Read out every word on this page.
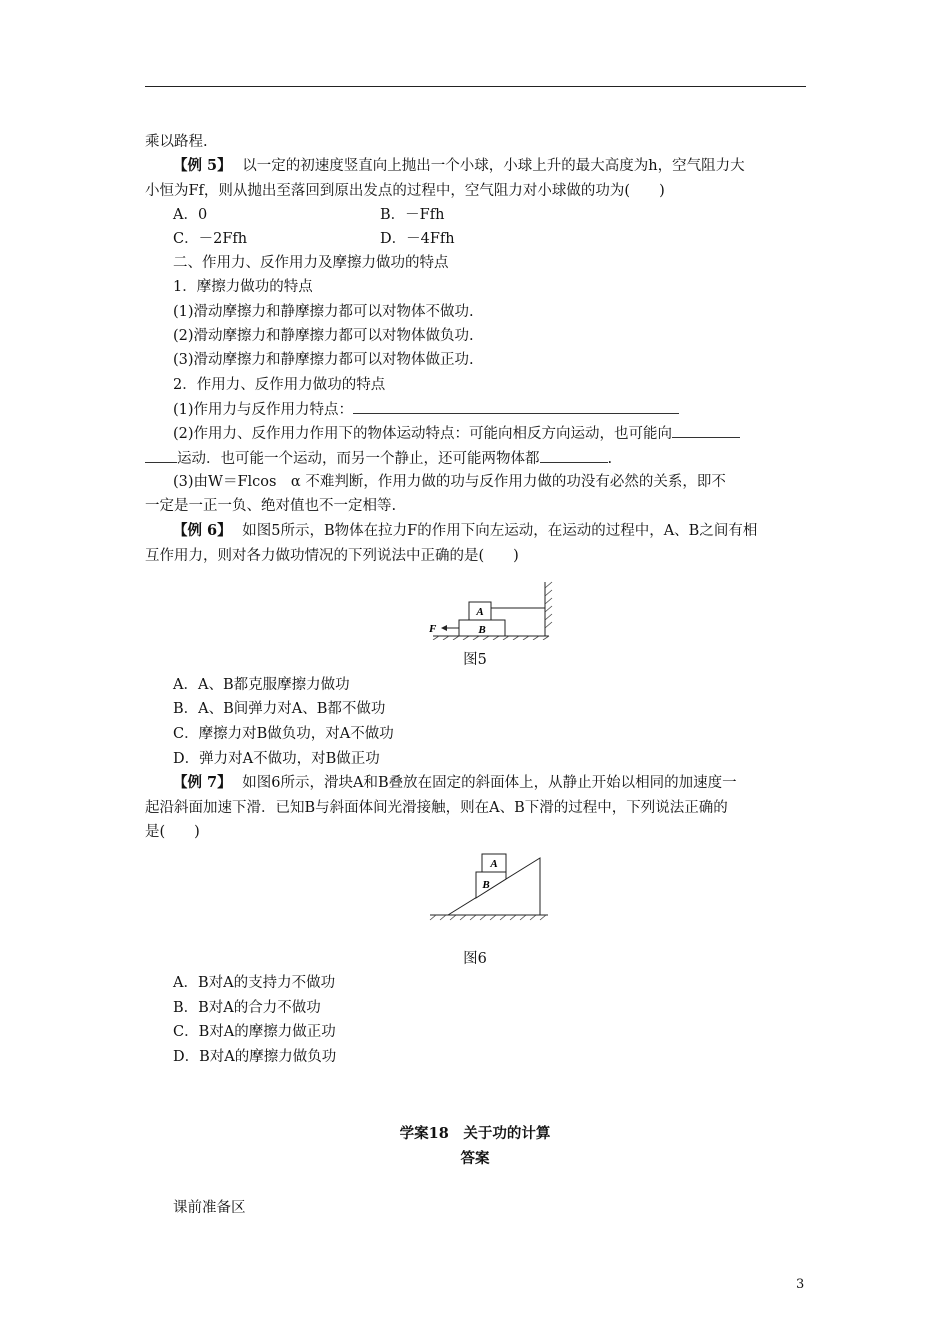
乘以路程.
【例 5】 以一定的初速度竖直向上抛出一个小球，小球上升的最大高度为h，空气阻力大
小恒为Ff，则从抛出至落回到原出发点的过程中，空气阻力对小球做的功为(　　)
A．0	B．－Ffh
C．－2Ffh	D．－4Ffh
二、作用力、反作用力及摩擦力做功的特点
1．摩擦力做功的特点
(1)滑动摩擦力和静摩擦力都可以对物体不做功.
(2)滑动摩擦力和静摩擦力都可以对物体做负功.
(3)滑动摩擦力和静摩擦力都可以对物体做正功.
2．作用力、反作用力做功的特点
(1)作用力与反作用力特点：
(2)作用力、反作用力作用下的物体运动特点：可能向相反方向运动，也可能向
运动．也可能一个运动，而另一个静止，还可能两物体都	.
(3)由W＝Flcos　α 不难判断，作用力做的功与反作用力做的功没有必然的关系，即不
一定是一正一负、绝对值也不一定相等.
【例 6】 如图5所示，B物体在拉力F的作用下向左运动，在运动的过程中，A、B之间有相
互作用力，则对各力做功情况的下列说法中正确的是(　　)
A
B
F
图5
A．A、B都克服摩擦力做功
B．A、B间弹力对A、B都不做功
C．摩擦力对B做负功，对A不做功
D．弹力对A不做功，对B做正功
【例 7】 如图6所示，滑块A和B叠放在固定的斜面体上，从静止开始以相同的加速度一
起沿斜面加速下滑．已知B与斜面体间光滑接触，则在A、B下滑的过程中，下列说法正确的
是(　　)
A
B
图6
A．B对A的支持力不做功
B．B对A的合力不做功
C．B对A的摩擦力做正功
D．B对A的摩擦力做负功
学案18　关于功的计算
答案
课前准备区
3
